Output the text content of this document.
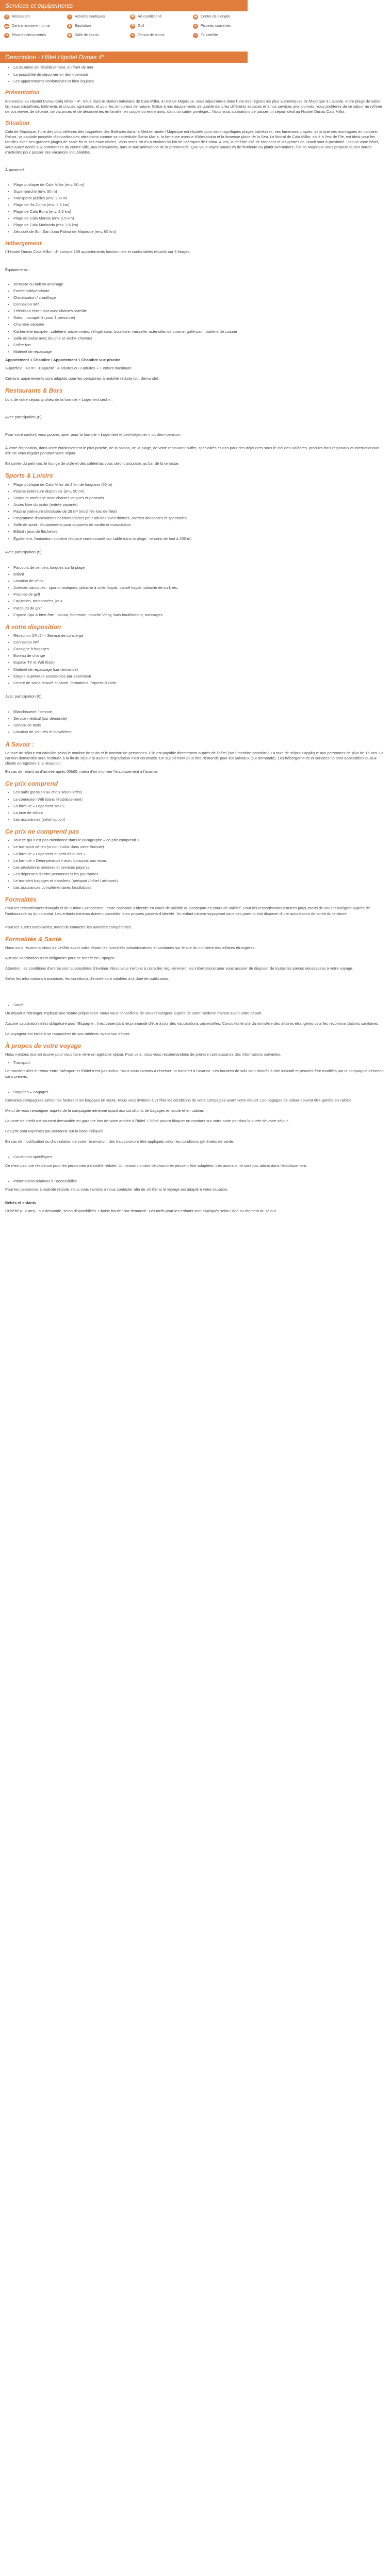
Services et équipements
✕ Restaurant	≈	Activités nautiques	✱ Air conditionné	◉ Centre de plongée
▬ Centre remise en forme	♞ Équitation	⚑ Golf	≋ Piscines couvertes
≋ Piscines découvertes	◆	Salle de sports	●	Terrain de tennis	▭ Tv satellite
Description - Hôtel Hipotel Dunas 4*
• La situation de l'établissement, en front de mer
• La possibilité de séjourner en demi-pension
• Les appartements confortables et bien équipés
Présentation

Bienvenue au Hipotel Dunas Cala Millor - 4*. Situé dans le station balnéaire de Cala Millor, à l'est de Majorque, vous séjournerez dans l'une des régions les plus authentiques de Majorque à Levante, entre plage de sable fin, eaux cristallines, bâtiments et criques agréables, et pour les amoureux de nature. Grâce à nos équipements de qualité dans les différents espaces et à nos services attentionnés, vous profiterez de ce séjour au rythme de vos envies de détente, de vacances et de découvertes en famille, en couple ou entre amis, dans un cadre privilégié... Nous vous souhaitons de passer un séjour idéal au Hipotel Dunas Cala Millor.

Situation

Cala de Majorque, l'une des plus célèbres des baguettes des Baléares dans la Méditerranée ! Majorque est réputée pour ses magnifiques plages balnéaires, ses fameuses criques, ainsi que ses montagnes en calcaire. Palma, sa capitale possède d'innombrables attractions comme sa cathédrale Santa María, la fameuse avenue d'Almudaina et la fameuse place de la Seu. Le littoral de Cala Millor, situé à l'est de l'île, est idéal pour les familles avec ses grandes plages de sable fin et ses eaux claires. Vous serez situés à environ 65 km de l'aéroport de Palma. Aussi, la célèbre cité de Manacor et les grottes de Drach sont à proximité. Depuis votre hôtel, vous aurez accès aux commerces du centre-ville, aux restaurants, bars et aux animations de la promenade. Que vous soyez amateurs de farniente ou plutôt aventuriers, l'île de Majorque vous propose toutes sortes d'activités pour passer des vacances inoubliables.

À proximité :
• Plage publique de Cala Millor (env. 50 m)
• Supermarché (env. 50 m)
• Transports publics (env. 200 m)
• Plage de Sa Coma (env. 2,5 km)
• Plage de Cala Bona (env. 2,5 km)
• Plage de Cala Moreia (env. 2,5 km)
• Plage de Cala Morlanda (env. 2,6 km)
• Aéroport de Son San Joan Palma de Majorque (env. 65 km)
Hébergement

L'Hipotel Dunas Cala Millor - 4* compte 109 appartements fonctionnels et confortables répartis sur 6 étages.

Équipements :
• Terrasse ou balcon aménagé
• Entrée indépendante
• Climatisation / chauffage
• Connexion Wifi
• Télévision écran plat avec chaînes satellite
• Salon : canapé-lit (pour 1 personne)
• Chambre séparée
• Kitchenette équipée : cafetière, micro-ondes, réfrigérateur, bouilloire, vaisselle, ustensiles de cuisine, grille-pain, batterie de cuisine
• Salle de bains avec douche et sèche-cheveux
• Coffre-fort
• Matériel de repassage

Appartement 1 Chambre / Appartement 1 Chambre vue piscine

Superficie : 40 m² - Capacité : 4 adultes ou 3 adultes + 1 enfant maximum

Certains appartements sont adaptés pour les personnes à mobilité réduite (sur demande).

Restaurants & Bars

Lors de votre séjour, profitez de la formule « Logement seul » :

Avec participation (€) :

Pour votre confort, vous pouvez opter pour la formule « Logement et petit-déjeuner » ou demi-pension.

À votre disposition, dans votre établissement le plus proche, de la saison, de la plage, de votre restaurant buffet, spécialités et vins pour des déjeuners sous le ciel des Baléares, produits frais régionaux et internationaux afin de vous régaler pendant votre séjour.

En soirée du petit-bar, le lounge de style et des cafétérias vous seront proposés au bar de la terrasse.

Sports & Loisirs
• Plage publique de Cala Millor de 2 km de longueur (50 m)
• Piscine extérieure disponible (env. 50 m²)
• Solarium aménagé avec chaises longues et parasols
• Accès libre du jardin (entrée payante)
• Piscine intérieure climatisée de 29 m² (modifiée lors de l'été)
• Programme d'animations hebdomadaires pour adultes avec thèmes, soirées dansantes et spectacles
• Salle de sport : équipements pour appareils de cardio et musculation
• Billard / jeux de fléchettes
• Également, l'animation sportive (espace communauté sur sable dans la plage : terrains de foot à 200 m)

Avec participation (€) :

• Parcours de sentiers longues sur la plage
• Billard
• Location de vélos
• Activités nautiques : sports nautiques, planche à voile, kayak, canoë kayak, planche de surf, etc.
• Practice de golf
• Équitation, randonnées, jeux
• Parcours de golf
• Espace Spa & bien-être : sauna, hammam, douche Vichy, bain bouillonnant, massages
A votre disposition
• Réception 24h/24 - Service de concierge
• Connexion Wifi
• Consigne à bagages
• Bureau de change
• Espace TV et Wifi (liste)
• Matériel de repassage (sur demande)
• Étages supérieurs accessibles par ascenseur
• Centre de soins beauté et santé, formations Express & Ltda.

Avec participation (€) :

• Blanchisserie / service
• Service médical (sur demande)
• Service de taxis
• Location de voitures et bicyclettes
À Savoir :

La taxe de séjour est calculée selon le nombre de nuits et le nombre de personnes. Elle est payable directement auprès de l'hôtel (sauf mention contraire). La taxe de séjour s'applique aux personnes de plus de 16 ans. La caution demandée sera restituée à la fin du séjour si aucune dégradation n'est constatée. Un supplément peut être demandé pour les animaux (sur demande). Les hébergements et services ne sont accessibles qu'aux clients enregistrés à la réception.

En cas de retard ou d'arrivée après 00h00, merci d'en informer l'établissement à l'avance.

Ce prix comprend
• Les nuits (pension au choix selon l'offre)
• La connexion Wifi (dans l'établissement)
• La formule « Logement seul »
• La taxe de séjour
• Les assurances (selon option)
Ce prix ne comprend pas
• Tout ce qui n'est pas mentionné dans le paragraphe « ce prix comprend »
• Le transport aérien (si non inclus dans votre formule)
• La formule « Logement et petit-déjeuner »
• La formule « Demi-pension » avec boissons aux repas
• Les prestations annexes et services payants
• Les dépenses d'ordre personnel et les pourboires
• Le transfert bagages et transferts (aéroport / hôtel / aéroport)
• Les assurances complémentaires facultatives
Formalités

Pour les ressortissants français et de l'Union Européenne : carte nationale d'identité en cours de validité ou passeport en cours de validité. Pour les ressortissants d'autres pays, merci de vous renseigner auprès de l'ambassade ou du consulat. Les enfants mineurs doivent posséder leurs propres papiers d'identité. Un enfant mineur voyageant sans ses parents doit disposer d'une autorisation de sortie du territoire.

Pour les autres nationalités, merci de contacter les autorités compétentes.

Formalités & Santé

Nous vous recommandons de vérifier avant votre départ les formalités administratives et sanitaires sur le site du ministère des affaires étrangères.

Aucune vaccination n'est obligatoire pour se rendre en Espagne.

Attention, les conditions d'entrée sont susceptibles d'évoluer. Nous vous invitons à consulter régulièrement les informations pour vous assurer de disposer de toutes les pièces nécessaires à votre voyage.

Selon les informations transmises, les conditions d'entrée sont valables à la date de publication.

• Santé

Un départ à l'étranger implique une bonne préparation. Nous vous conseillons de vous renseigner auprès de votre médecin traitant avant votre départ.

Aucune vaccination n'est obligatoire pour l'Espagne ; il est cependant recommandé d'être à jour des vaccinations universelles. Consultez le site du ministère des affaires étrangères pour les recommandations sanitaires.

Le voyageur est invité à se rapprocher de son médecin avant son départ.

À propos de votre voyage

Nous mettons tout en œuvre pour vous faire vivre un agréable séjour. Pour cela, nous vous recommandons de prendre connaissance des informations suivantes.

• Transport

Le transfert aller et retour entre l'aéroport et l'hôtel n'est pas inclus. Nous vous invitons à réserver un transfert à l'avance. Les horaires de vols sont donnés à titre indicatif et peuvent être modifiés par la compagnie aérienne sans préavis.

• Bagages – Bagages

Certaines compagnies aériennes facturent les bagages en soute. Nous vous invitons à vérifier les conditions de votre compagnie avant votre départ. Les bagages de valeur doivent être gardés en cabine.

Merci de vous renseigner auprès de la compagnie aérienne quant aux conditions de bagages en soute et en cabine.

La carte de crédit est souvent demandée en garantie lors de votre arrivée à l'hôtel. L'hôtel pourra bloquer un montant sur votre carte pendant la durée de votre séjour.

Les prix sont exprimés par personne sur la base indiquée.

En cas de modification ou d'annulation de votre réservation, des frais pourront être appliqués selon les conditions générales de vente.

• Conditions spécifiques

Ce n'est pas une résidence pour les personnes à mobilité réduite. Un certain nombre de chambres peuvent être adaptées. Les animaux ne sont pas admis dans l'établissement.

• Informations relatives à l'accessibilité

Pour les personnes à mobilité réduite, nous vous invitons à nous contacter afin de vérifier si le voyage est adapté à votre situation.

Bébés et enfants

Lit bébé (0-2 ans) : sur demande, selon disponibilités. Chaise haute : sur demande. Les tarifs pour les enfants sont appliqués selon l'âge au moment du séjour.
